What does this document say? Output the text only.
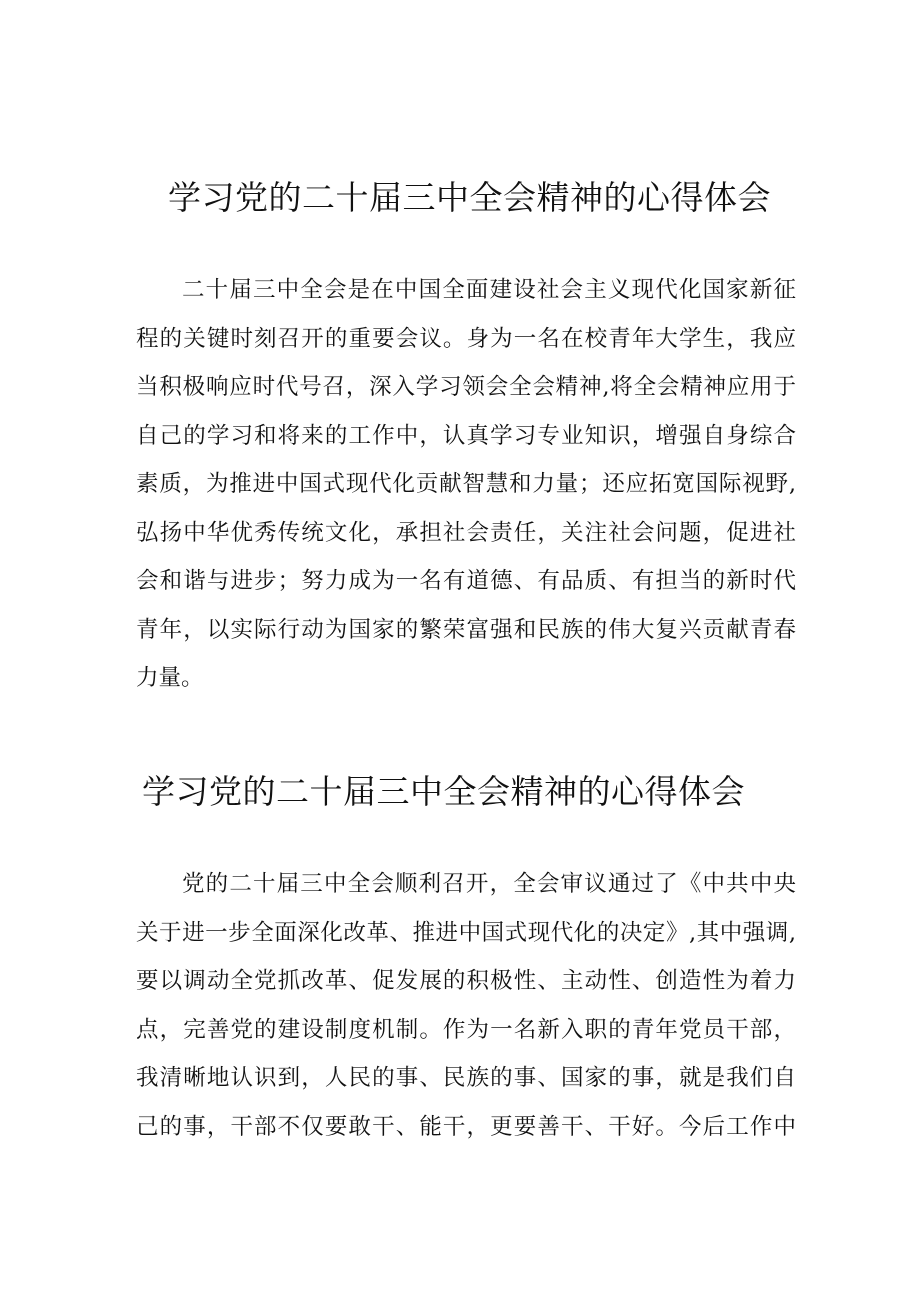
学习党的二十届三中全会精神的心得体会
二十届三中全会是在中国全面建设社会主义现代化国家新征
程的关键时刻召开的重要会议。身为一名在校青年大学生，我应
当积极响应时代号召，深入学习领会全会精神,将全会精神应用于
自己的学习和将来的工作中，认真学习专业知识，增强自身综合
素质，为推进中国式现代化贡献智慧和力量；还应拓宽国际视野,
弘扬中华优秀传统文化，承担社会责任，关注社会问题，促进社
会和谐与进步；努力成为一名有道德、有品质、有担当的新时代
青年，以实际行动为国家的繁荣富强和民族的伟大复兴贡献青春
力量。
学习党的二十届三中全会精神的心得体会
党的二十届三中全会顺利召开，全会审议通过了《中共中央
关于进一步全面深化改革、推进中国式现代化的决定》,其中强调,
要以调动全党抓改革、促发展的积极性、主动性、创造性为着力
点，完善党的建设制度机制。作为一名新入职的青年党员干部，
我清晰地认识到，人民的事、民族的事、国家的事，就是我们自
己的事，干部不仅要敢干、能干，更要善干、干好。今后工作中
